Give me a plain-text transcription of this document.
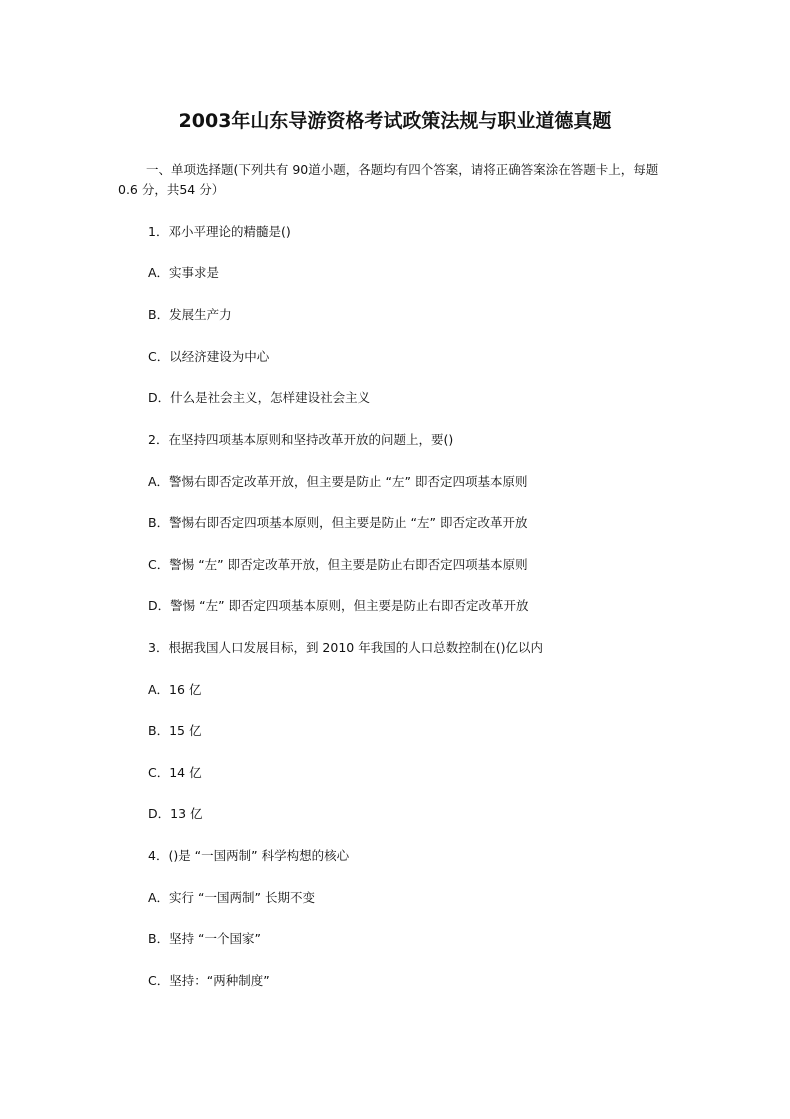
2003年山东导游资格考试政策法规与职业道德真题
一、单项选择题(下列共有 90道小题，各题均有四个答案，请将正确答案涂在答题卡上，每题 0.6 分，共54 分）
1．邓小平理论的精髓是()
A．实事求是
B．发展生产力
C．以经济建设为中心
D．什么是社会主义，怎样建设社会主义
2．在坚持四项基本原则和坚持改革开放的问题上，要()
A．警惕右即否定改革开放，但主要是防止 “左” 即否定四项基本原则
B．警惕右即否定四项基本原则，但主要是防止 “左” 即否定改革开放
C．警惕 “左” 即否定改革开放，但主要是防止右即否定四项基本原则
D．警惕 “左” 即否定四项基本原则，但主要是防止右即否定改革开放
3．根据我国人口发展目标，到 2010 年我国的人口总数控制在()亿以内
A．16 亿
B．15 亿
C．14 亿
D．13 亿
4．()是 “一国两制” 科学构想的核心
A．实行 “一国两制” 长期不变
B．坚持 “一个国家”
C．坚持：“两种制度”
